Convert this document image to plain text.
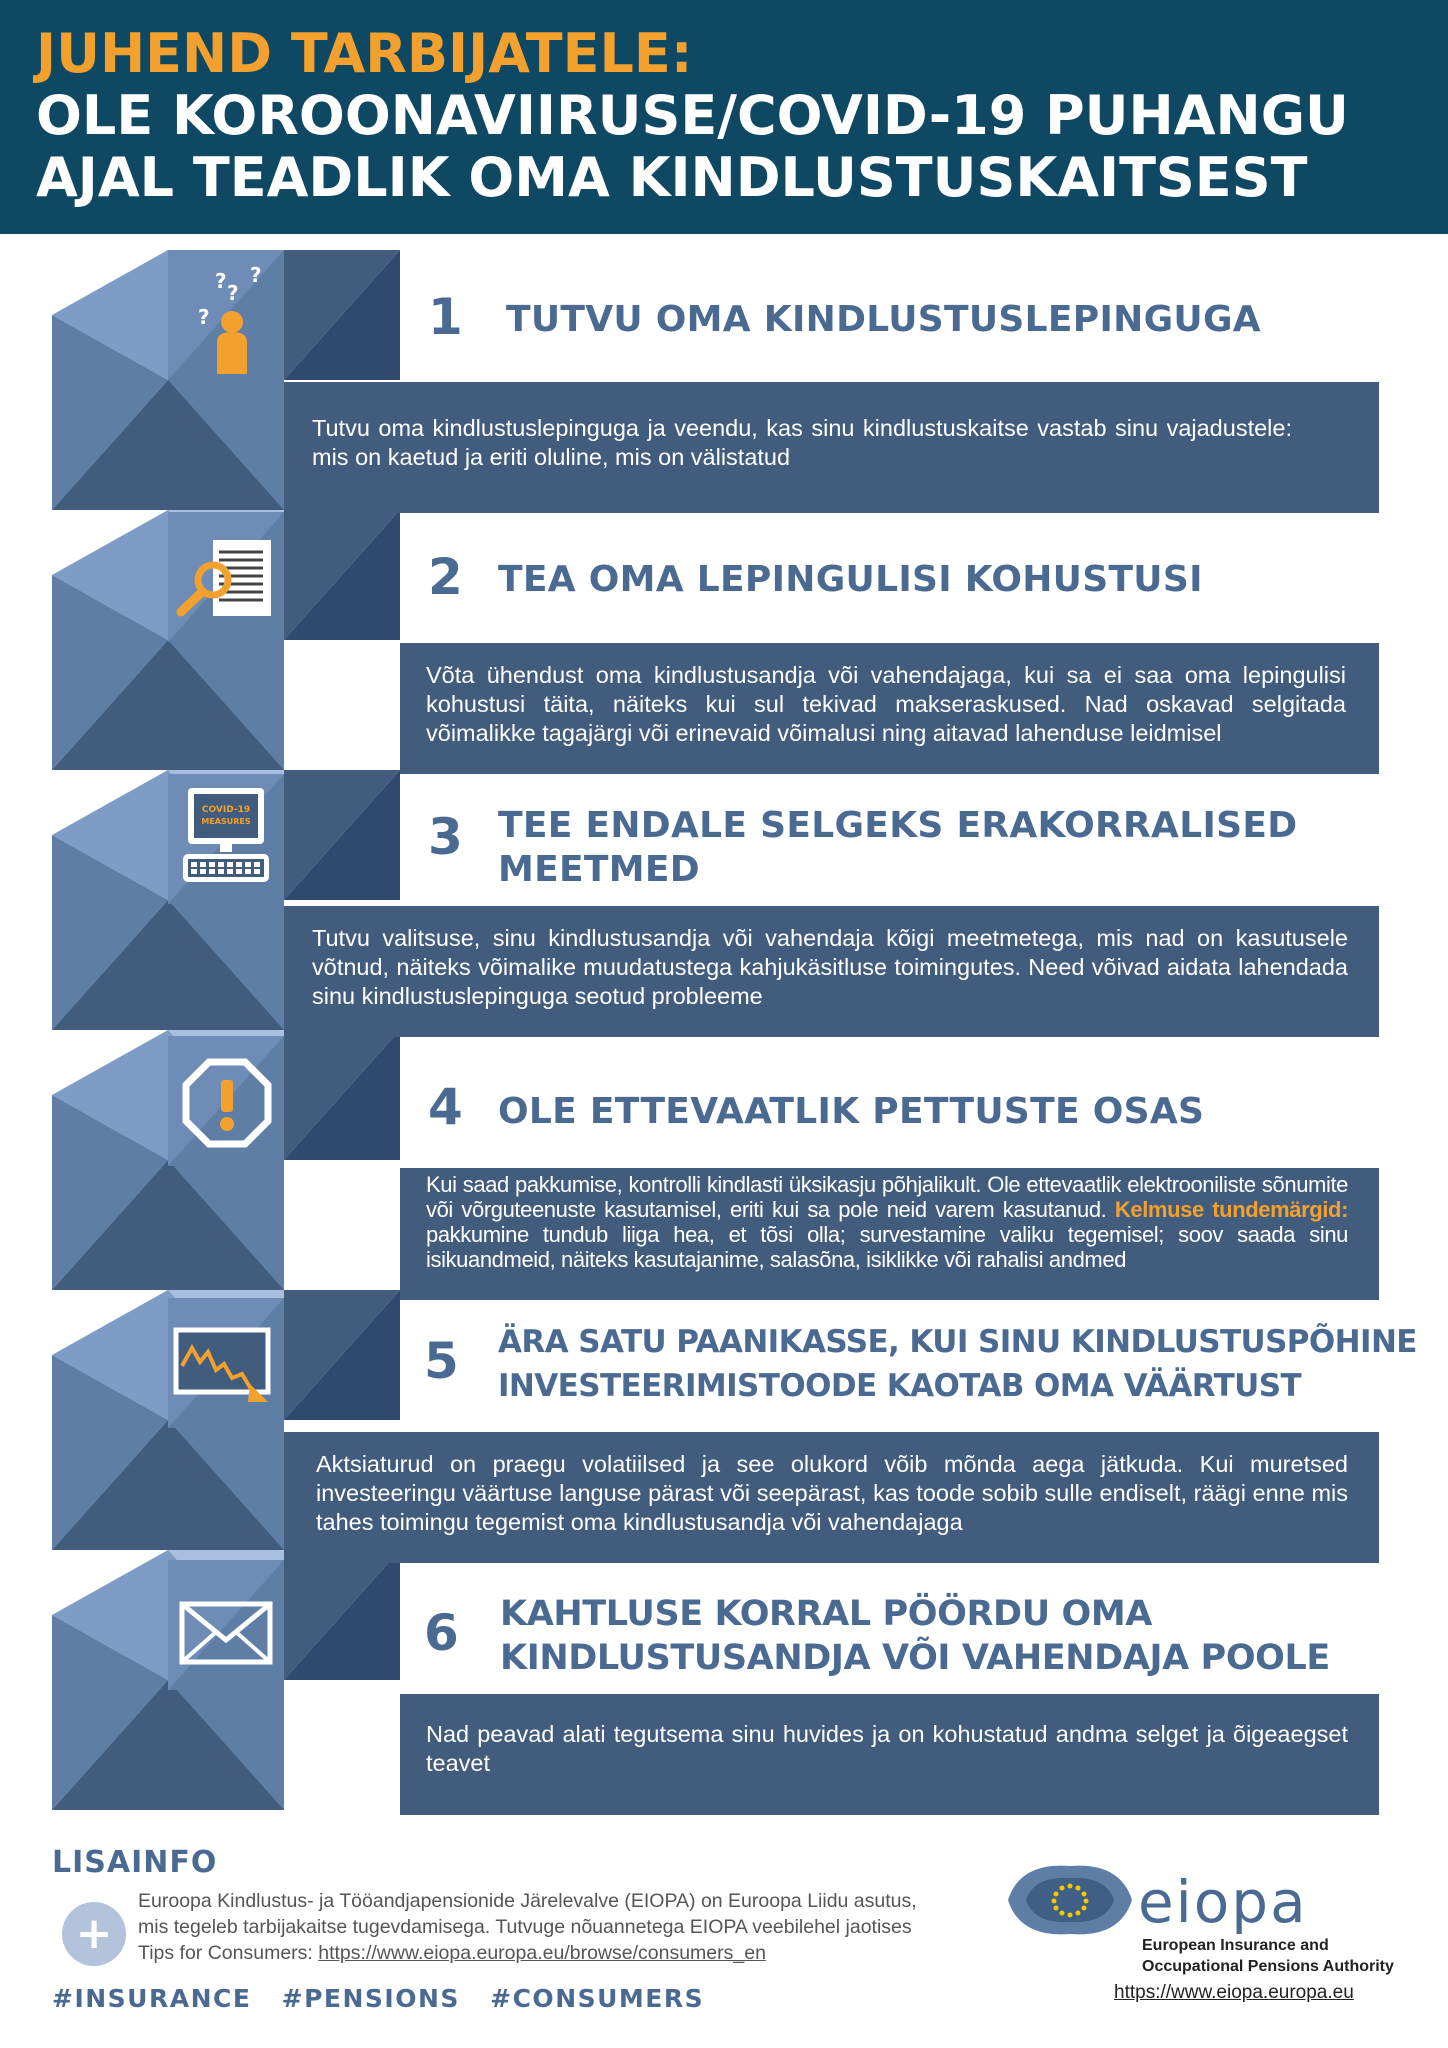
JUHEND TARBIJATELE:
OLE KOROONAVIIRUSE/COVID-19 PUHANGU
AJAL TEADLIK OMA KINDLUSTUSKAITSEST
Tutvu oma kindlustuslepinguga ja veendu, kas sinu kindlustuskaitse vastab sinu vajadustele: mis on kaetud ja eriti oluline, mis on välistatud
Võta ühendust oma kindlustusandja või vahendajaga, kui sa ei saa oma lepingulisi kohustusi täita, näiteks kui sul tekivad makseraskused. Nad oskavad selgitada võimalikke tagajärgi või erinevaid võimalusi ning aitavad lahenduse leidmisel
Tutvu valitsuse, sinu kindlustusandja või vahendaja kõigi meetmetega, mis nad on kasutusele võtnud, näiteks võimalike muudatustega kahjukäsitluse toimingutes. Need võivad aidata lahendada sinu kindlustuslepinguga seotud probleeme
Kui saad pakkumise, kontrolli kindlasti üksikasju põhjalikult. Ole ettevaatlik elektrooniliste sõnumite või võrguteenuste kasutamisel, eriti kui sa pole neid varem kasutanud. Kelmuse tundemärgid: pakkumine tundub liiga hea, et tõsi olla; survestamine valiku tegemisel; soov saada sinu isikuandmeid, näiteks kasutajanime, salasõna, isiklikke või rahalisi andmed
Aktsiaturud on praegu volatiilsed ja see olukord võib mõnda aega jätkuda. Kui muretsed investeeringu väärtuse languse pärast või seepärast, kas toode sobib sulle endiselt, räägi enne mis tahes toimingu tegemist oma kindlustusandja või vahendajaga
Nad peavad alati tegutsema sinu huvides ja on kohustatud andma selget ja õigeaegset teavet
1 TUTVU OMA KINDLUSTUSLEPINGUGA
2 TEA OMA LEPINGULISI KOHUSTUSI
3 TEE ENDALE SELGEKS ERAKORRALISED
MEETMED
4 OLE ETTEVAATLIK PETTUSTE OSAS
5 ÄRA SATU PAANIKASSE, KUI SINU KINDLUSTUSPÕHINE
INVESTEERIMISTOODE KAOTAB OMA VÄÄRTUST
6 KAHTLUSE KORRAL PÖÖRDU OMA
KINDLUSTUSANDJA VÕI VAHENDAJA POOLE
? ?
?
?
COVID-19
MEASURES
LISAINFO
+
Euroopa Kindlustus- ja Tööandjapensionide Järelevalve (EIOPA) on Euroopa Liidu asutus, mis tegeleb tarbijakaitse tugevdamisega. Tutvuge nõuannetega EIOPA veebilehel jaotises Tips for Consumers: https://www.eiopa.europa.eu/browse/consumers_en
#INSURANCE #PENSIONS #CONSUMERS
eiopa
European Insurance and
Occupational Pensions Authority
https://www.eiopa.europa.eu
